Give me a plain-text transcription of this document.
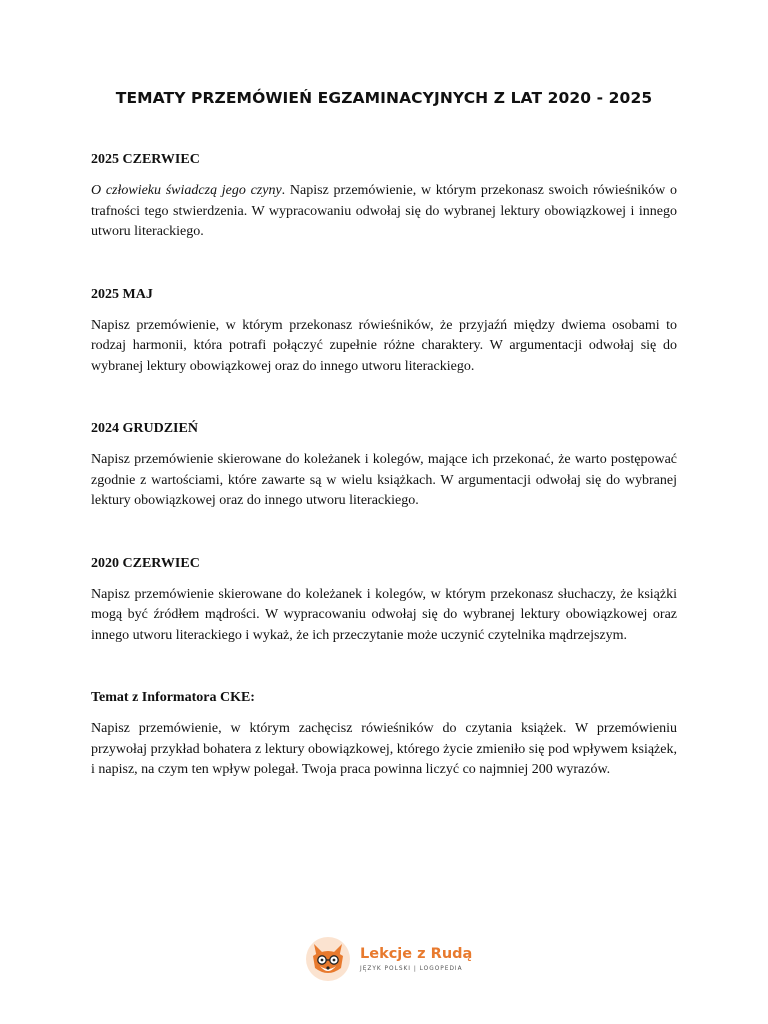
TEMATY PRZEMÓWIEŃ EGZAMINACYJNYCH Z LAT 2020 - 2025
2025 CZERWIEC

O człowieku świadczą jego czyny. Napisz przemówienie, w którym przekonasz swoich rówieśników o trafności tego stwierdzenia. W wypracowaniu odwołaj się do wybranej lektury obowiązkowej i innego utworu literackiego.

2025 MAJ

Napisz przemówienie, w którym przekonasz rówieśników, że przyjaźń między dwiema osobami to rodzaj harmonii, która potrafi połączyć zupełnie różne charaktery. W argumentacji odwołaj się do wybranej lektury obowiązkowej oraz do innego utworu literackiego.

2024 GRUDZIEŃ

Napisz przemówienie skierowane do koleżanek i kolegów, mające ich przekonać, że warto postępować zgodnie z wartościami, które zawarte są w wielu książkach. W argumentacji odwołaj się do wybranej lektury obowiązkowej oraz do innego utworu literackiego.

2020 CZERWIEC

Napisz przemówienie skierowane do koleżanek i kolegów, w którym przekonasz słuchaczy, że książki mogą być źródłem mądrości. W wypracowaniu odwołaj się do wybranej lektury obowiązkowej oraz innego utworu literackiego i wykaż, że ich przeczytanie może uczynić czytelnika mądrzejszym.

Temat z Informatora CKE:

Napisz przemówienie, w którym zachęcisz rówieśników do czytania książek. W przemówieniu przywołaj przykład bohatera z lektury obowiązkowej, którego życie zmieniło się pod wpływem książek, i napisz, na czym ten wpływ polegał. Twoja praca powinna liczyć co najmniej 200 wyrazów.

Lekcje z Rudą
JĘZYK POLSKI | LOGOPEDIA
